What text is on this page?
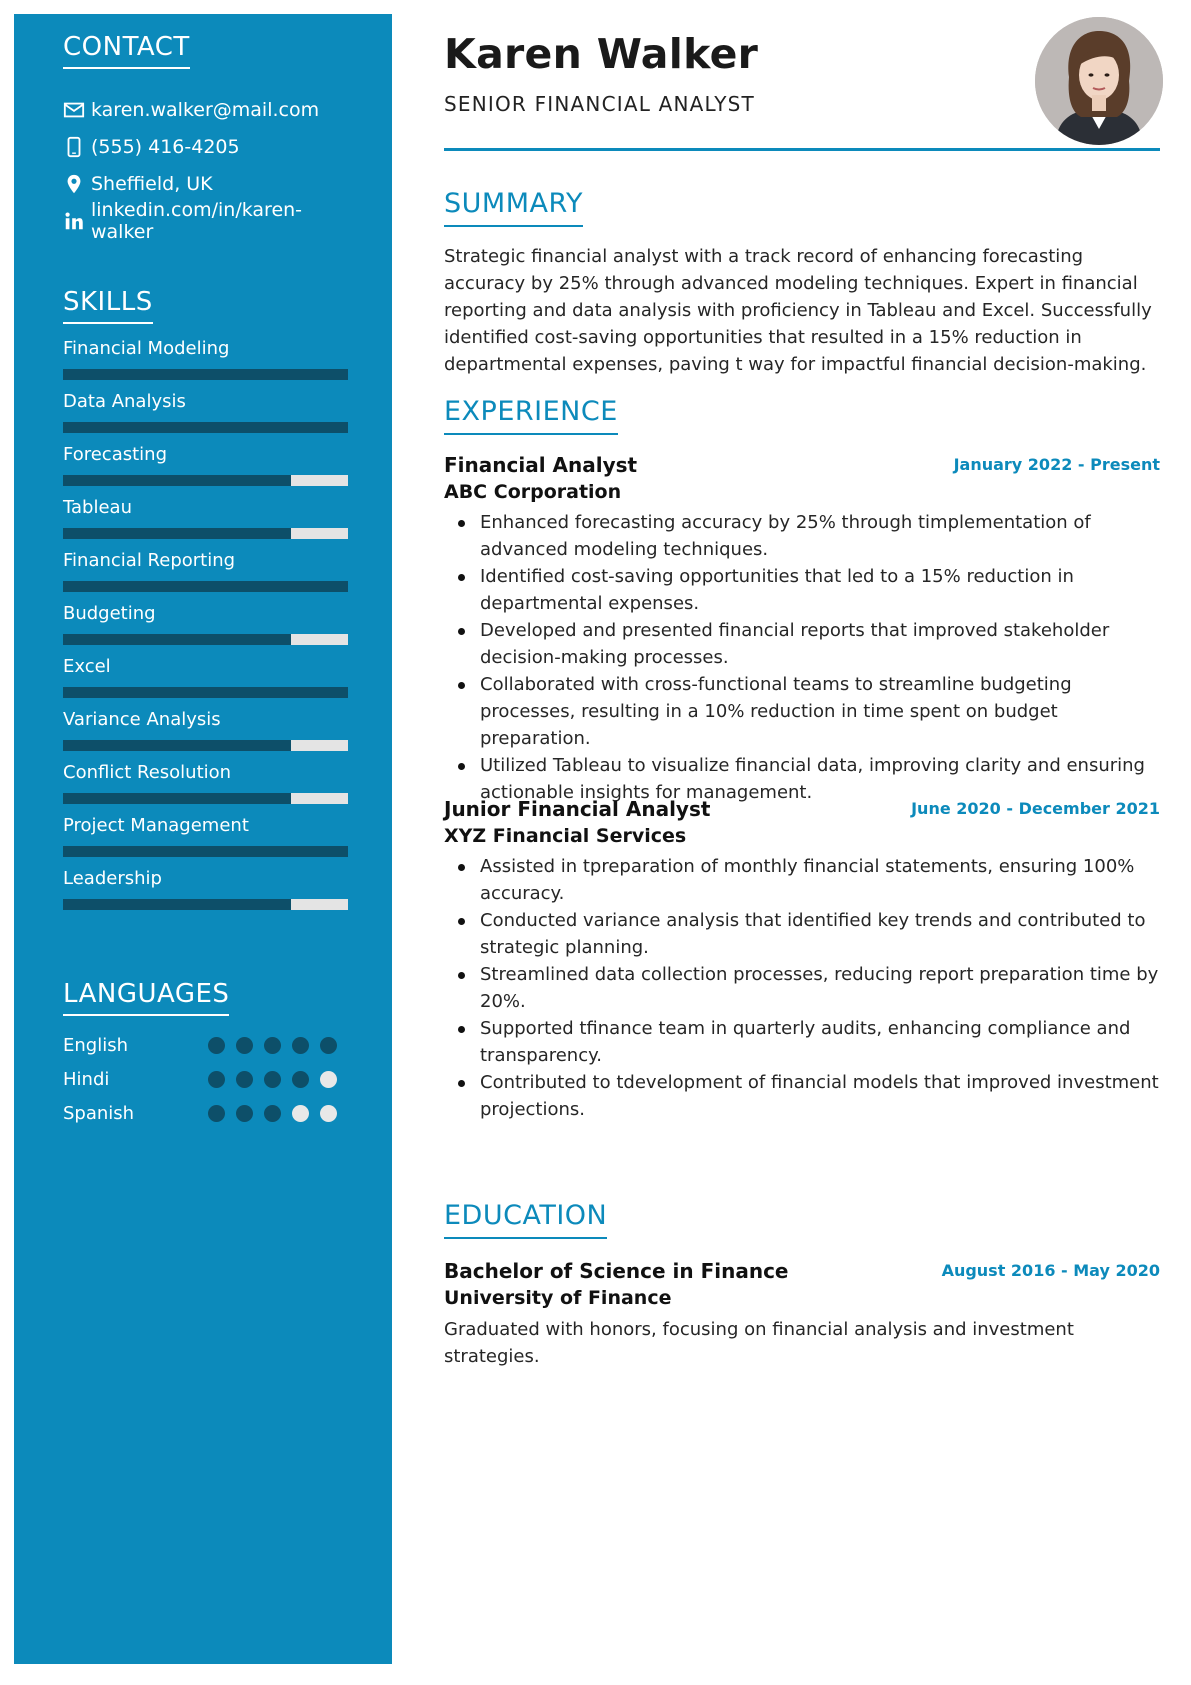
CONTACT
karen.walker@mail.com
(555) 416-4205
Sheffield, UK
linkedin.com/in/karen-walker
SKILLS
Financial Modeling
Data Analysis
Forecasting
Tableau
Financial Reporting
Budgeting
Excel
Variance Analysis
Conflict Resolution
Project Management
Leadership
LANGUAGES
English
Hindi
Spanish
Karen Walker
SENIOR FINANCIAL ANALYST
SUMMARY

Strategic financial analyst with a track record of enhancing forecasting accuracy by 25% through advanced modeling techniques. Expert in financial reporting and data analysis with proficiency in Tableau and Excel. Successfully identified cost-saving opportunities that resulted in a 15% reduction in departmental expenses, paving t way for impactful financial decision-making.

EXPERIENCE
Financial Analyst	January 2022 - Present
ABC Corporation
Enhanced forecasting accuracy by 25% through timplementation of advanced modeling techniques.
Identified cost-saving opportunities that led to a 15% reduction in departmental expenses.
Developed and presented financial reports that improved stakeholder decision-making processes.
Collaborated with cross-functional teams to streamline budgeting processes, resulting in a 10% reduction in time spent on budget preparation.
Utilized Tableau to visualize financial data, improving clarity and ensuring actionable insights for management.
Junior Financial Analyst	June 2020 - December 2021
XYZ Financial Services
Assisted in tpreparation of monthly financial statements, ensuring 100% accuracy.
Conducted variance analysis that identified key trends and contributed to strategic planning.
Streamlined data collection processes, reducing report preparation time by 20%.
Supported tfinance team in quarterly audits, enhancing compliance and transparency.
Contributed to tdevelopment of financial models that improved investment projections.
EDUCATION
Bachelor of Science in Finance	August 2016 - May 2020
University of Finance

Graduated with honors, focusing on financial analysis and investment strategies.
